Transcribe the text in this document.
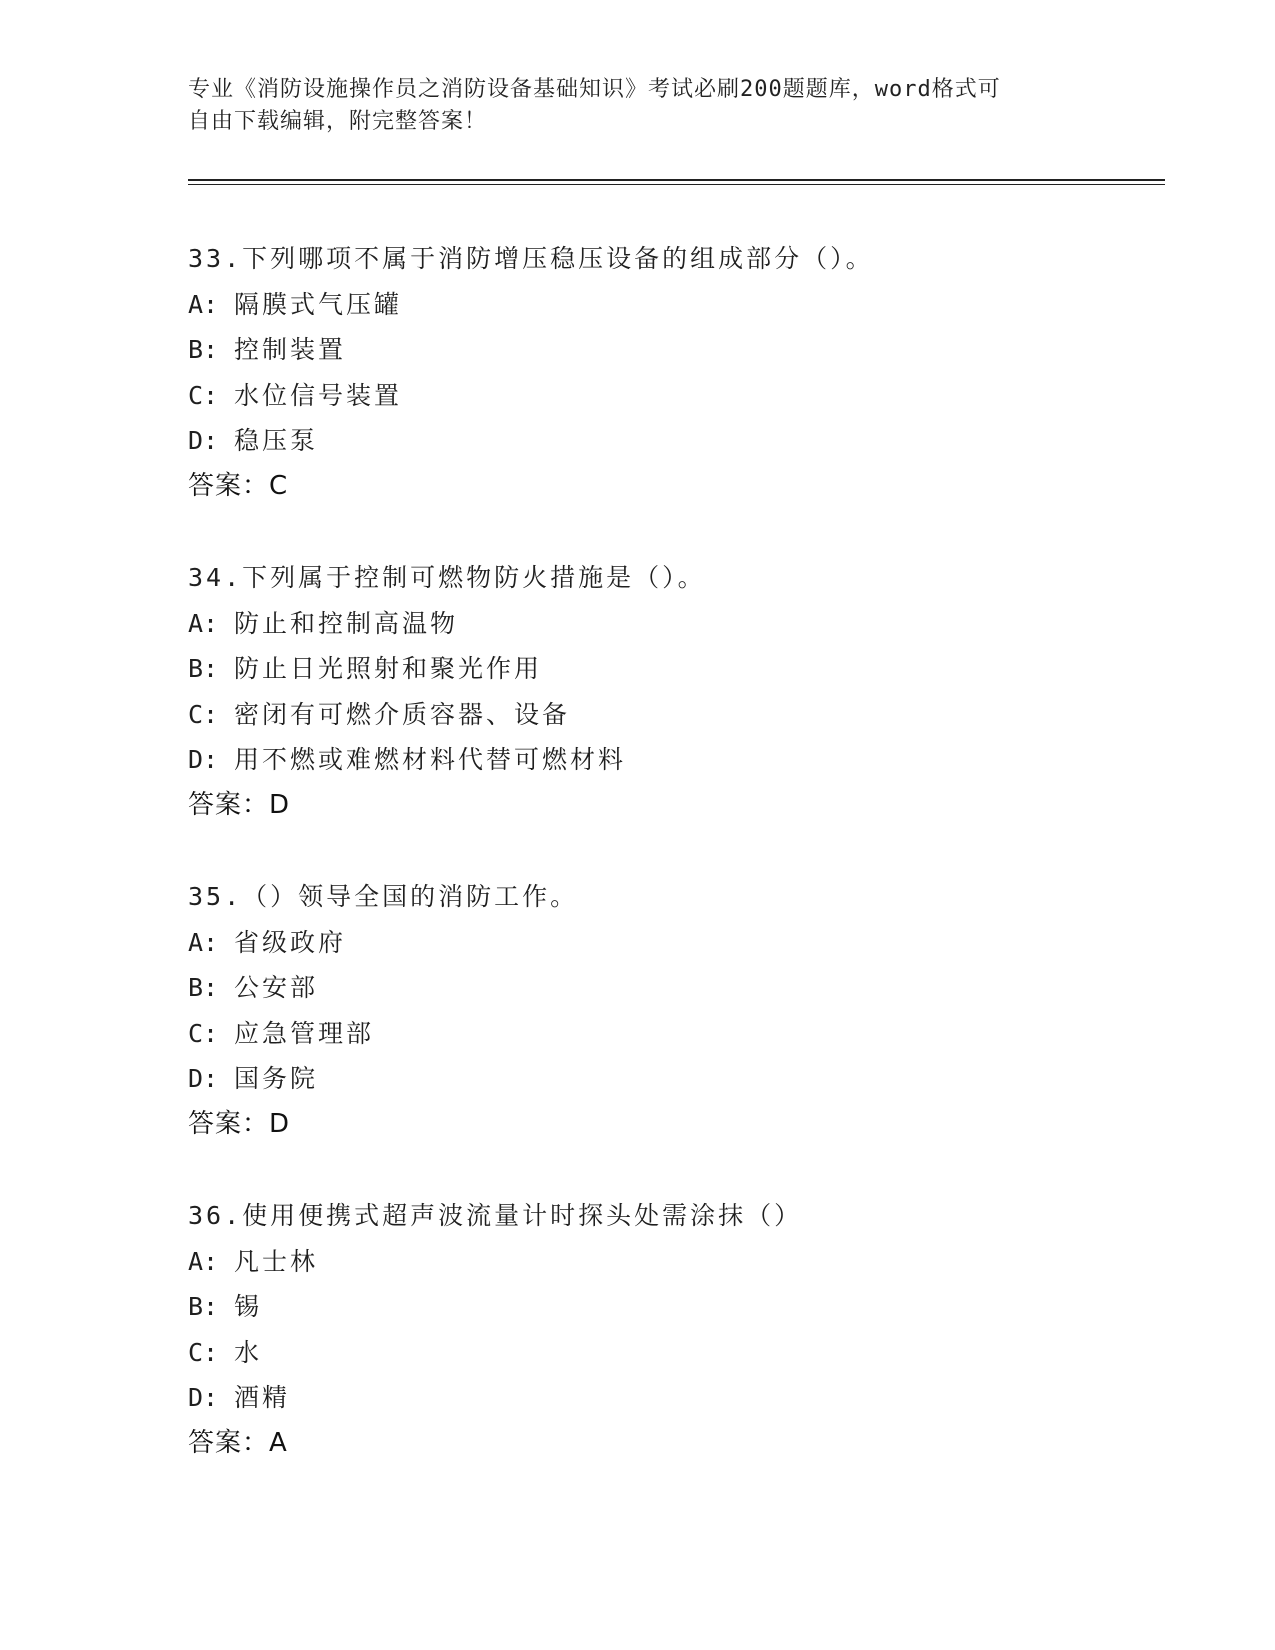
专业《消防设施操作员之消防设备基础知识》考试必刷200题题库，word格式可
自由下载编辑，附完整答案！
33.下列哪项不属于消防增压稳压设备的组成部分（）。
A: 隔膜式气压罐
B: 控制装置
C: 水位信号装置
D: 稳压泵
答案：C
34.下列属于控制可燃物防火措施是（）。
A: 防止和控制高温物
B: 防止日光照射和聚光作用
C: 密闭有可燃介质容器、设备
D: 用不燃或难燃材料代替可燃材料
答案：D
35.（）领导全国的消防工作。
A: 省级政府
B: 公安部
C: 应急管理部
D: 国务院
答案：D
36.使用便携式超声波流量计时探头处需涂抹（）
A: 凡士林
B: 锡
C: 水
D: 酒精
答案：A
